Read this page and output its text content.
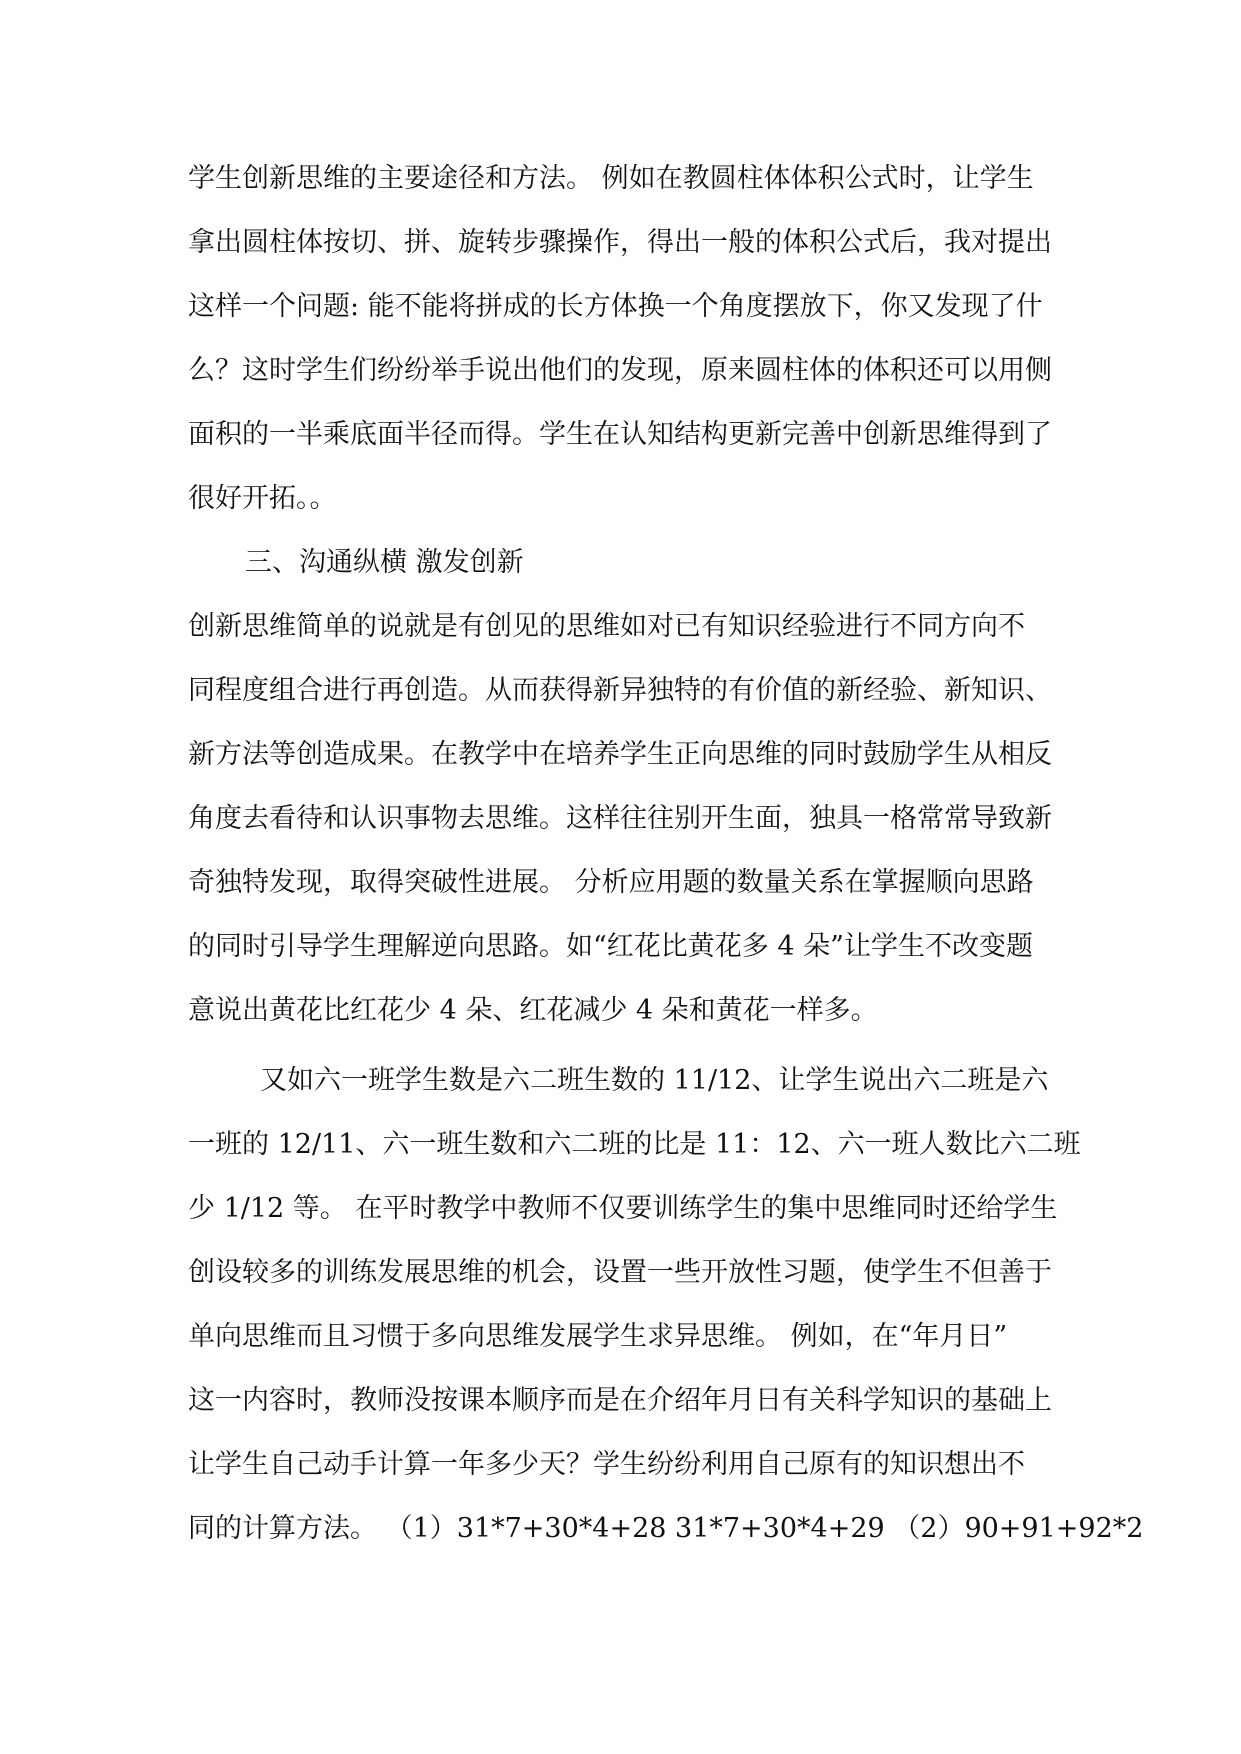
学生创新思维的主要途径和方法。 例如在教圆柱体体积公式时，让学生
拿出圆柱体按切、拼、旋转步骤操作，得出一般的体积公式后，我对提出
这样一个问题: 能不能将拼成的长方体换一个角度摆放下，你又发现了什
么？这时学生们纷纷举手说出他们的发现，原来圆柱体的体积还可以用侧
面积的一半乘底面半径而得。学生在认知结构更新完善中创新思维得到了
很好开拓。。
三、沟通纵横 激发创新
创新思维简单的说就是有创见的思维如对已有知识经验进行不同方向不
同程度组合进行再创造。从而获得新异独特的有价值的新经验、新知识、
新方法等创造成果。在教学中在培养学生正向思维的同时鼓励学生从相反
角度去看待和认识事物去思维。这样往往别开生面，独具一格常常导致新
奇独特发现，取得突破性进展。 分析应用题的数量关系在掌握顺向思路
的同时引导学生理解逆向思路。如“红花比黄花多 4 朵”让学生不改变题
意说出黄花比红花少 4 朵、红花减少 4 朵和黄花一样多。
又如六一班学生数是六二班生数的 11/12、让学生说出六二班是六
一班的 12/11、六一班生数和六二班的比是 11：12、六一班人数比六二班
少 1/12 等。 在平时教学中教师不仅要训练学生的集中思维同时还给学生
创设较多的训练发展思维的机会，设置一些开放性习题，使学生不但善于
单向思维而且习惯于多向思维发展学生求异思维。 例如，在“年月日”
这一内容时，教师没按课本顺序而是在介绍年月日有关科学知识的基础上
让学生自己动手计算一年多少天？学生纷纷利用自己原有的知识想出不
同的计算方法。 （1）31*7+30*4+28 31*7+30*4+29 （2）90+91+92*2
